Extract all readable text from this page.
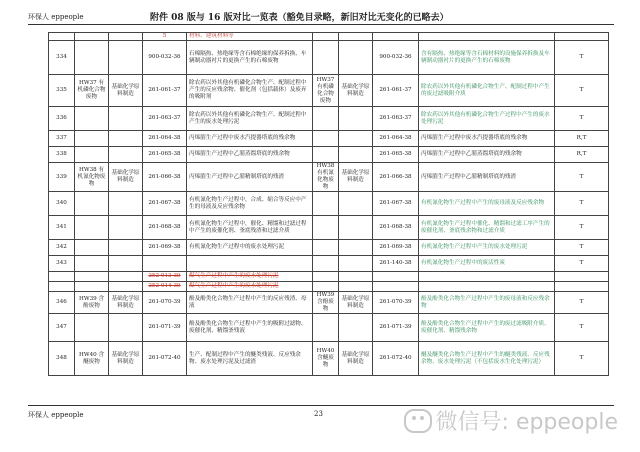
环保人 eppeople	附件 08 版与 16 版对比一览表（豁免目录略，新旧对比无变化的已略去）
			5	材料、建筑材料等					
334			900-032-36	石棉隔热、热绝缘等含石棉绝缘的保养拆换、车辆制动器衬片的更换产生的石棉废物			900-032-36	含有隔热、热绝缘等含石棉材料的设施保养拆换及车辆制动器衬片的更换产生的石棉废物	T
335	HW37 有机磷化合物废物	基础化学原料制造	261-061-37	除农药以外其他有机磷化合物生产、配制过程中产生的反应残余物、催化剂（包括载体）及废弃的吸附剂	HW37 有机磷化合物废物	基础化学原料制造	261-061-37	除农药以外其他有机磷化合物生产、配制过程中产生的废过滤吸附介质	T
336			261-063-37	除农药以外其他有机磷化合物生产、配制过程中产生的废水处理污泥			261-063-37	除农药以外其他有机磷化合物生产过程中产生的废水处理污泥	T
337			261-064-38	丙烯腈生产过程中废水汽提器塔底的残余物			261-064-38	丙烯腈生产过程中废水汽提器塔底的残余物	R,T
338			261-065-38	丙烯腈生产过程中乙腈蒸馏塔底的残余物			261-065-38	丙烯腈生产过程中乙腈蒸馏塔底的残余物	R,T
339	HW38 有机氰化物废物	基础化学原料制造	261-066-38	丙烯腈生产过程中乙腈精制塔底的残渣	HW38 有机氰化物废物	基础化学原料制造	261-066-38	丙烯腈生产过程中乙腈精制塔底的残渣	T
340			261-067-38	有机氰化物生产过程中，合成、缩合等反应中产生的母液及反应残余物			261-067-38	有机氰化物生产过程中产生的废母液及反应残余物	T
341			261-068-38	有机氰化物生产过程中，催化、精馏和过滤过程中产生的废催化剂、釜底残渣和过滤介质			261-068-38	有机氰化物生产过程中催化、精馏和过滤工序产生的废催化剂、釜底残余物和过滤介质	T
342			261-069-38	有机氰化物生产过程中的废水处理污泥			261-069-38	有机氰化物生产过程中产生的废水处理污泥	T
343							261-140-38	有机氰化物生产过程中的废活性炭	T
			252-013-39	煤气生产过程中产生的废水处理污泥					
			252-014-39	煤气生产过程中产生的废水处理污泥					
346	HW39 含酚废物	基础化学原料制造	261-070-39	酚及酚类化合物生产过程中产生的反应残渣、母液	HW39 含酚废物	基础化学原料制造	261-070-39	酚及酚类化合物生产过程中产生的废母液和反应残余物	T
347			261-071-39	酚及酚类化合物生产过程中产生的吸附过滤物、废催化剂、精馏釜残液			261-071-39	酚及酚类化合物生产过程中产生的废过滤吸附介质、废催化剂、精馏残余物	T
348	HW40 含醚废物	基础化学原料制造	261-072-40	生产、配制过程中产生的醚类残液、反应残余物、废水处理污泥及过滤渣	HW40 含醚废物	基础化学原料制造	261-072-40	醚及醚类化合物生产过程中产生的醚类残液、反应残余物、废水处理污泥（不包括废水生化处理污泥）	T
环保人 eppeople	23	微信号: eppeople
